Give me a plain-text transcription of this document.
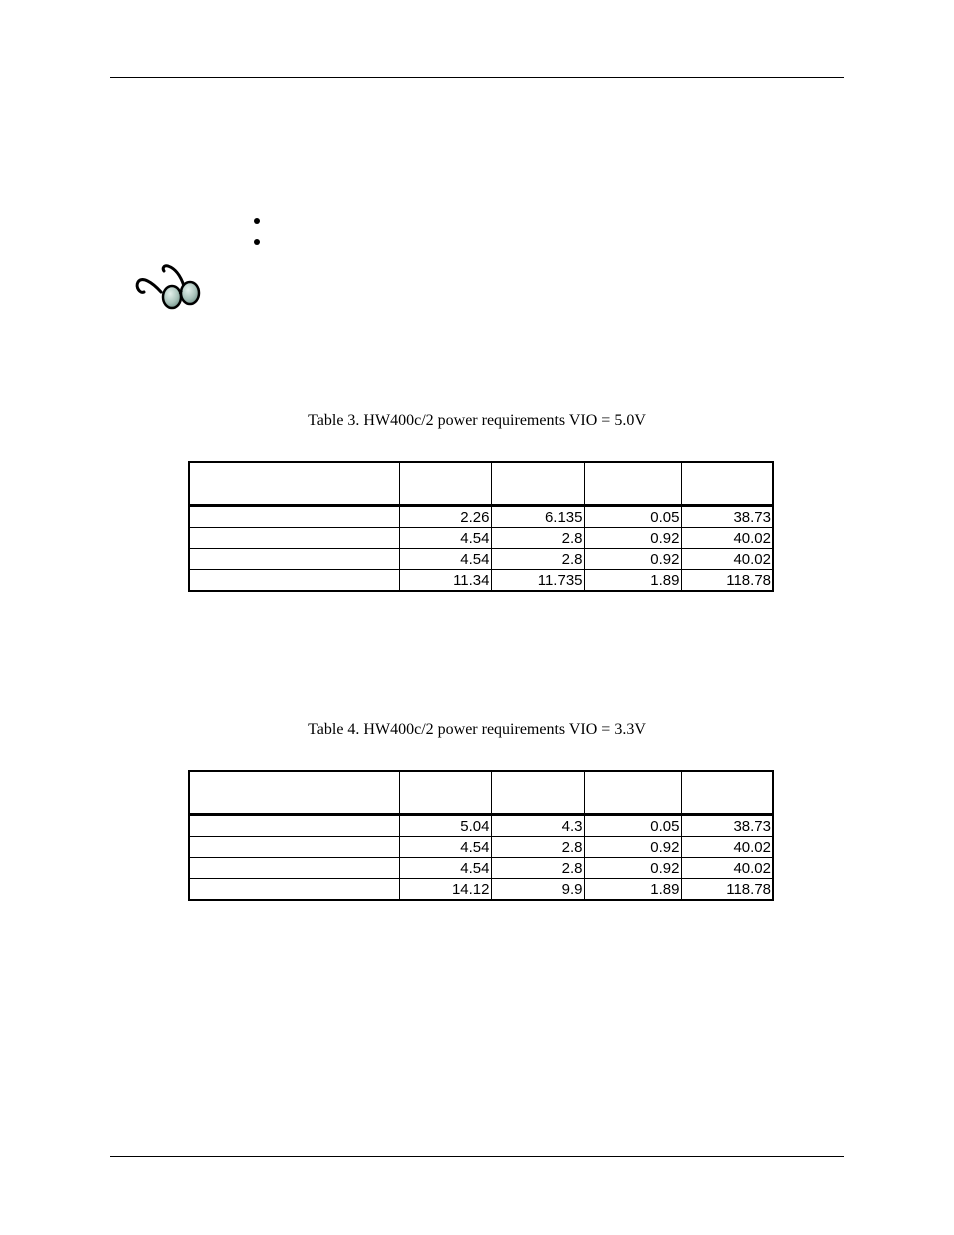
Table 3. HW400c/2 power requirements VIO = 5.0V

	2.26	6.135	0.05	38.73
	4.54	2.8	0.92	40.02
	4.54	2.8	0.92	40.02
	11.34	11.735	1.89	118.78
Table 4. HW400c/2 power requirements VIO = 3.3V

	5.04	4.3	0.05	38.73
	4.54	2.8	0.92	40.02
	4.54	2.8	0.92	40.02
	14.12	9.9	1.89	118.78
